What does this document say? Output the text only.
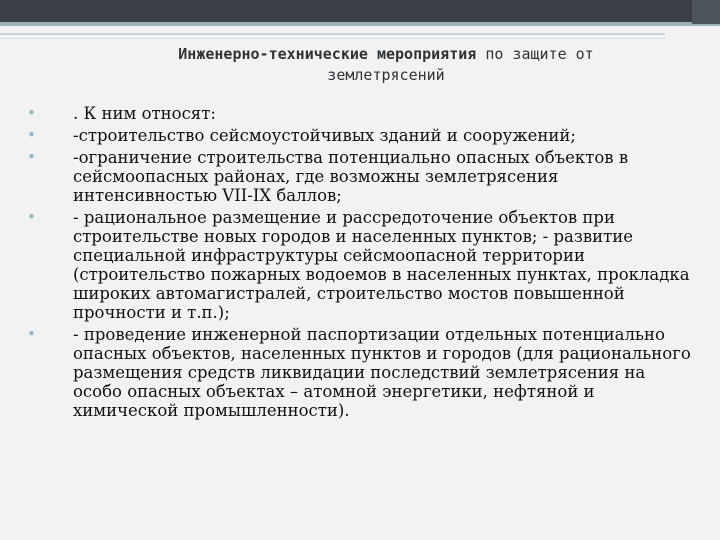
Инженерно-технические мероприятия по защите от
землетрясений
• . К ним относят:
• -строительство сейсмоустойчивых зданий и сооружений;
• -ограничение строительства потенциально опасных объектов в сейсмоопасных районах, где возможны землетрясения интенсивностью VII-IX баллов;
• - рациональное размещение и рассредоточение объектов при строительстве новых городов и населенных пунктов; - развитие специальной инфраструктуры сейсмоопасной территории (строительство пожарных водоемов в населенных пунктах, прокладка широких автомагистралей, строительство мостов повышенной прочности и т.п.);
• - проведение инженерной паспортизации отдельных потенциально опасных объектов, населенных пунктов и городов (для рационального размещения средств ликвидации последствий землетрясения на особо опасных объектах – атомной энергетики, нефтяной и химической промышленности).
